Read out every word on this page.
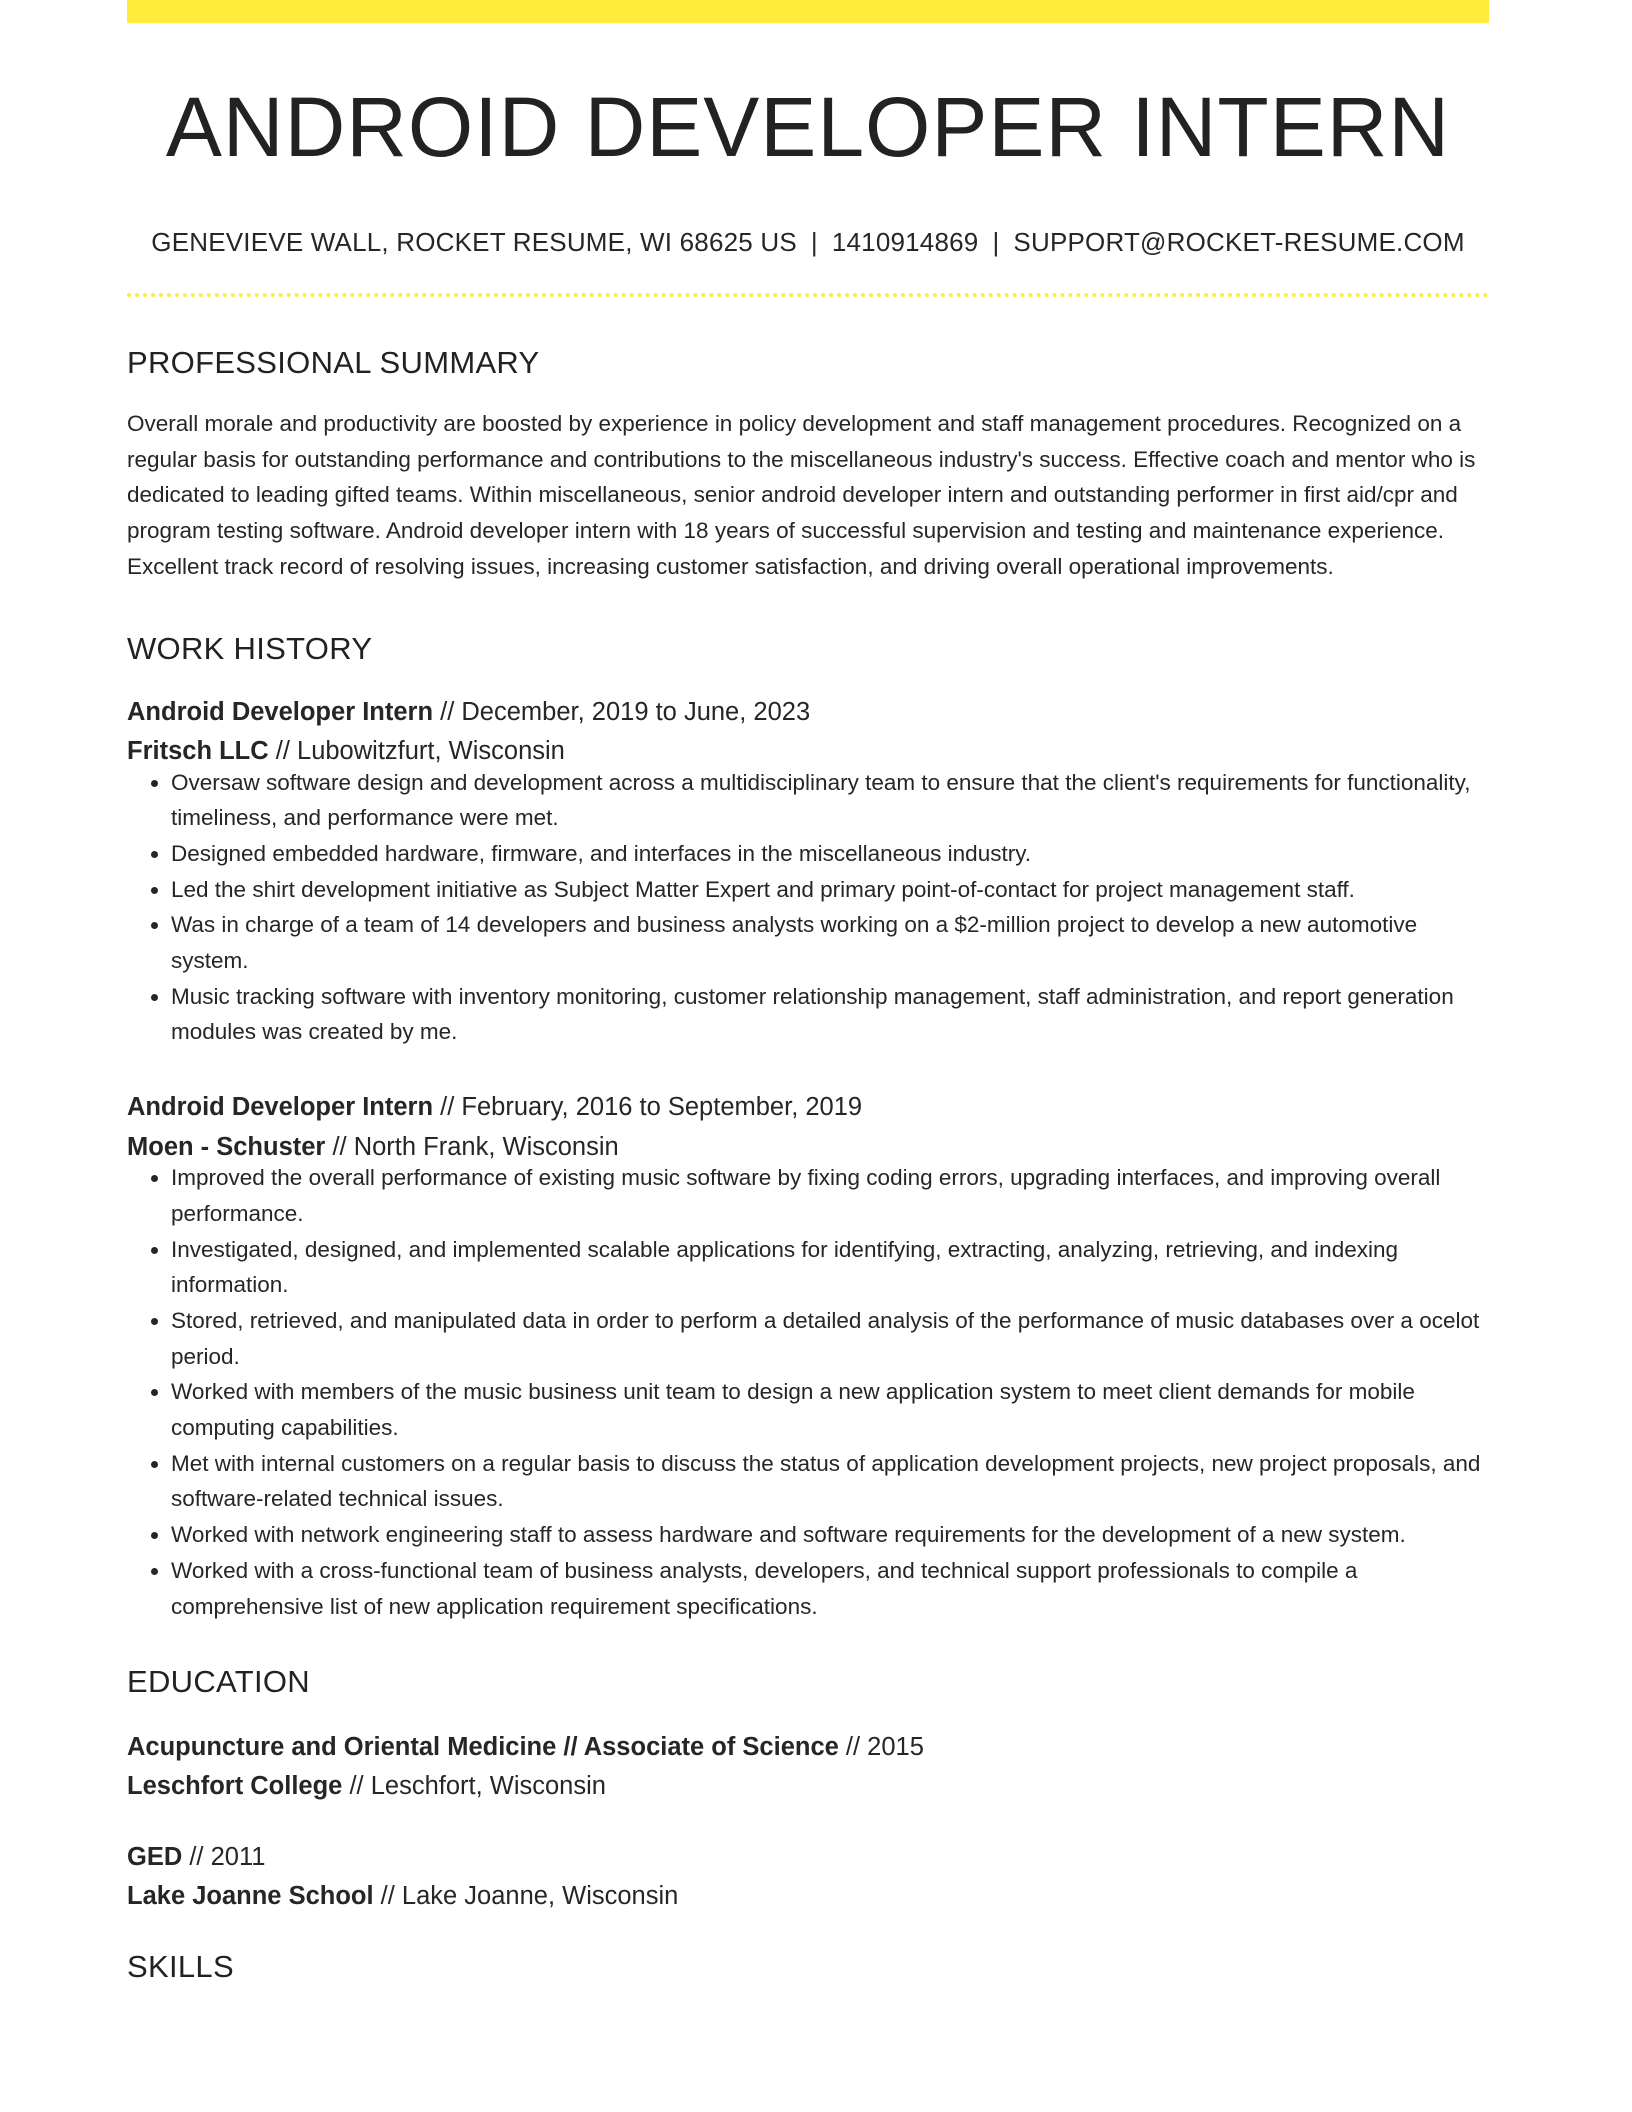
ANDROID DEVELOPER INTERN
GENEVIEVE WALL, ROCKET RESUME, WI 68625 US | 1410914869 | SUPPORT@ROCKET-RESUME.COM
PROFESSIONAL SUMMARY
Overall morale and productivity are boosted by experience in policy development and staff management procedures. Recognized on a regular basis for outstanding performance and contributions to the miscellaneous industry's success. Effective coach and mentor who is dedicated to leading gifted teams. Within miscellaneous, senior android developer intern and outstanding performer in first aid/cpr and program testing software. Android developer intern with 18 years of successful supervision and testing and maintenance experience. Excellent track record of resolving issues, increasing customer satisfaction, and driving overall operational improvements.
WORK HISTORY
Android Developer Intern // December, 2019 to June, 2023
Fritsch LLC // Lubowitzfurt, Wisconsin
• Oversaw software design and development across a multidisciplinary team to ensure that the client's requirements for functionality, timeliness, and performance were met.
• Designed embedded hardware, firmware, and interfaces in the miscellaneous industry.
• Led the shirt development initiative as Subject Matter Expert and primary point-of-contact for project management staff.
• Was in charge of a team of 14 developers and business analysts working on a $2-million project to develop a new automotive system.
• Music tracking software with inventory monitoring, customer relationship management, staff administration, and report generation modules was created by me.
Android Developer Intern // February, 2016 to September, 2019
Moen - Schuster // North Frank, Wisconsin
• Improved the overall performance of existing music software by fixing coding errors, upgrading interfaces, and improving overall performance.
• Investigated, designed, and implemented scalable applications for identifying, extracting, analyzing, retrieving, and indexing information.
• Stored, retrieved, and manipulated data in order to perform a detailed analysis of the performance of music databases over a ocelot period.
• Worked with members of the music business unit team to design a new application system to meet client demands for mobile computing capabilities.
• Met with internal customers on a regular basis to discuss the status of application development projects, new project proposals, and software-related technical issues.
• Worked with network engineering staff to assess hardware and software requirements for the development of a new system.
• Worked with a cross-functional team of business analysts, developers, and technical support professionals to compile a comprehensive list of new application requirement specifications.
EDUCATION
Acupuncture and Oriental Medicine // Associate of Science // 2015
Leschfort College // Leschfort, Wisconsin
GED // 2011
Lake Joanne School // Lake Joanne, Wisconsin
SKILLS
